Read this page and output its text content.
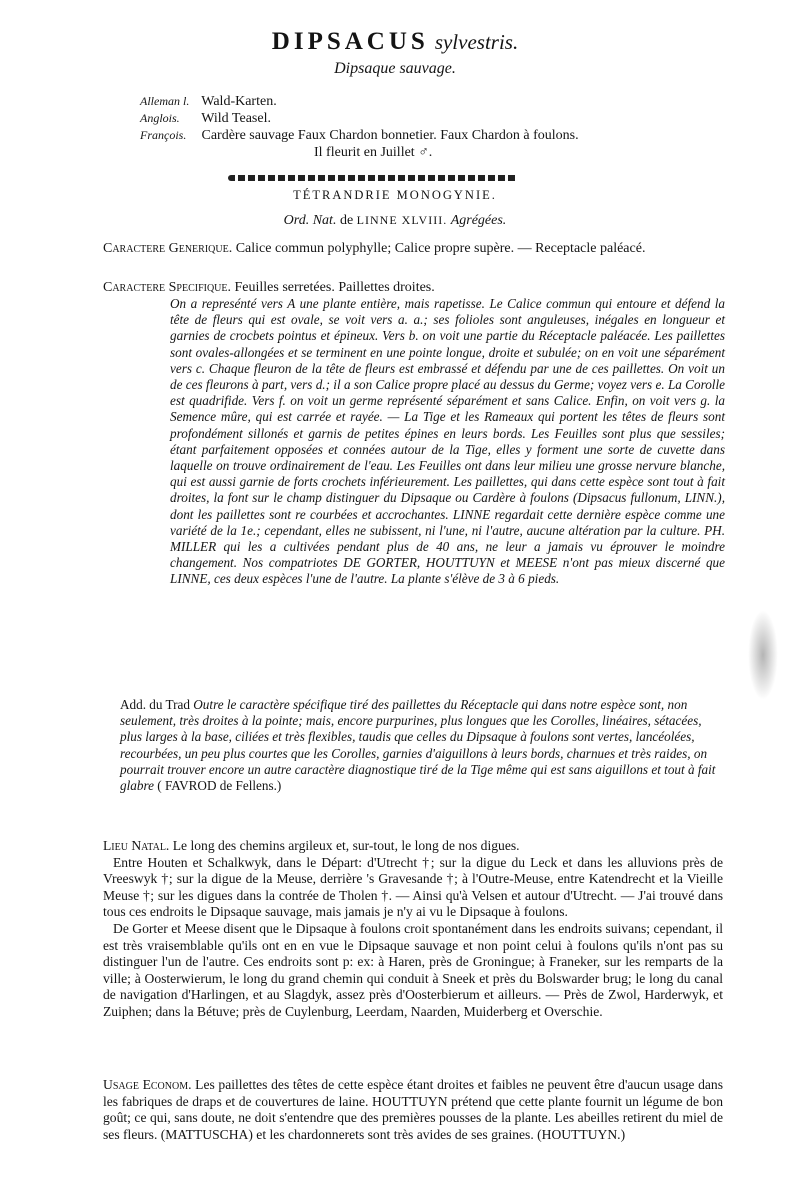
DIPSACUS sylvestris.
Dipsaque sauvage.
Alleman l. Wald-Karten.
Anglois. Wild Teasel.
François. Cardère sauvage Faux Chardon bonnetier. Faux Chardon à foulons.
Il fleurit en Juillet ♂.
TÉTRANDRIE MONOGYNIE.
Ord. Nat. de LINNE XLVIII. Agrégées.
Caractere Generique. Calice commun polyphylle; Calice propre supère. — Receptacle paléacé.
Caractere Specifique. Feuilles serretées. Paillettes droites.
On a represénté vers A une plante entière, mais rapetisse. Le Calice commun qui entoure et défend la tête de fleurs qui est ovale, se voit vers a. a.; ses folioles sont anguleuses, inégales en longueur et garnies de crocbets pointus et épineux. Vers b. on voit une partie du Réceptacle paléacée. Les paillettes sont ovales-allongées et se terminent en une pointe longue, droite et subulée; on en voit une séparément vers c. Chaque fleuron de la tête de fleurs est embrassé et défendu par une de ces paillettes. On voit un de ces fleurons à part, vers d.; il a son Calice propre placé au dessus du Germe; voyez vers e. La Corolle est quadrifide. Vers f. on voit un germe représenté séparément et sans Calice. Enfin, on voit vers g. la Semence mûre, qui est carrée et rayée. — La Tige et les Rameaux qui portent les têtes de fleurs sont profondément sillonés et garnis de petites épines en leurs bords. Les Feuilles sont plus que sessiles; étant parfaitement opposées et connées autour de la Tige, elles y forment une sorte de cuvette dans laquelle on trouve ordinairement de l'eau. Les Feuilles ont dans leur milieu une grosse nervure blanche, qui est aussi garnie de forts crochets inférieurement. Les paillettes, qui dans cette espèce sont tout à fait droites, la font sur le champ distinguer du Dipsaque ou Cardère à foulons (Dipsacus fullonum, LINN.), dont les paillettes sont re courbées et accrochantes. LINNE regardait cette dernière espèce comme une variété de la 1e.; cependant, elles ne subissent, ni l'une, ni l'autre, aucune altération par la culture. PH. MILLER qui les a cultivées pendant plus de 40 ans, ne leur a jamais vu éprouver le moindre changement. Nos compatriotes DE GORTER, HOUTTUYN et MEESE n'ont pas mieux discerné que LINNE, ces deux espèces l'une de l'autre. La plante s'élève de 3 à 6 pieds.
Add. du Trad Outre le caractère spécifique tiré des paillettes du Réceptacle qui dans notre espèce sont, non seulement, très droites à la pointe; mais, encore purpurines, plus longues que les Corolles, linéaires, sétacées, plus larges à la base, ciliées et très flexibles, taudis que celles du Dipsaque à foulons sont vertes, lancéolées, recourbées, un peu plus courtes que les Corolles, garnies d'aiguillons à leurs bords, charnues et très raides, on pourrait trouver encore un autre caractère diagnostique tiré de la Tige même qui est sans aiguillons et tout à fait glabre ( FAVROD de Fellens.)

Lieu Natal. Le long des chemins argileux et, sur-tout, le long de nos digues.

Entre Houten et Schalkwyk, dans le Départ: d'Utrecht †; sur la digue du Leck et dans les alluvions près de Vreeswyk †; sur la digue de la Meuse, derrière 's Gravesande †; à l'Outre-Meuse, entre Katendrecht et la Vieille Meuse †; sur les digues dans la contrée de Tholen †. — Ainsi qu'à Velsen et autour d'Utrecht. — J'ai trouvé dans tous ces endroits le Dipsaque sauvage, mais jamais je n'y ai vu le Dipsaque à foulons.

De Gorter et Meese disent que le Dipsaque à foulons croit spontanément dans les endroits suivans; cependant, il est très vraisemblable qu'ils ont en en vue le Dipsaque sauvage et non point celui à foulons qu'ils n'ont pas su distinguer l'un de l'autre. Ces endroits sont p: ex: à Haren, près de Groningue; à Franeker, sur les remparts de la ville; à Oosterwierum, le long du grand chemin qui conduit à Sneek et près du Bolswarder brug; le long du canal de navigation d'Harlingen, et au Slagdyk, assez près d'Oosterbierum et ailleurs. — Près de Zwol, Harderwyk, et Zuiphen; dans la Bétuve; près de Cuylenburg, Leerdam, Naarden, Muiderberg et Overschie.

Usage Econom. Les paillettes des têtes de cette espèce étant droites et faibles ne peuvent être d'aucun usage dans les fabriques de draps et de couvertures de laine. HOUTTUYN prétend que cette plante fournit un légume de bon goût; ce qui, sans doute, ne doit s'entendre que des premières pousses de la plante. Les abeilles retirent du miel de ses fleurs. (MATTUSCHA) et les chardonnerets sont très avides de ses graines. (HOUTTUYN.)
